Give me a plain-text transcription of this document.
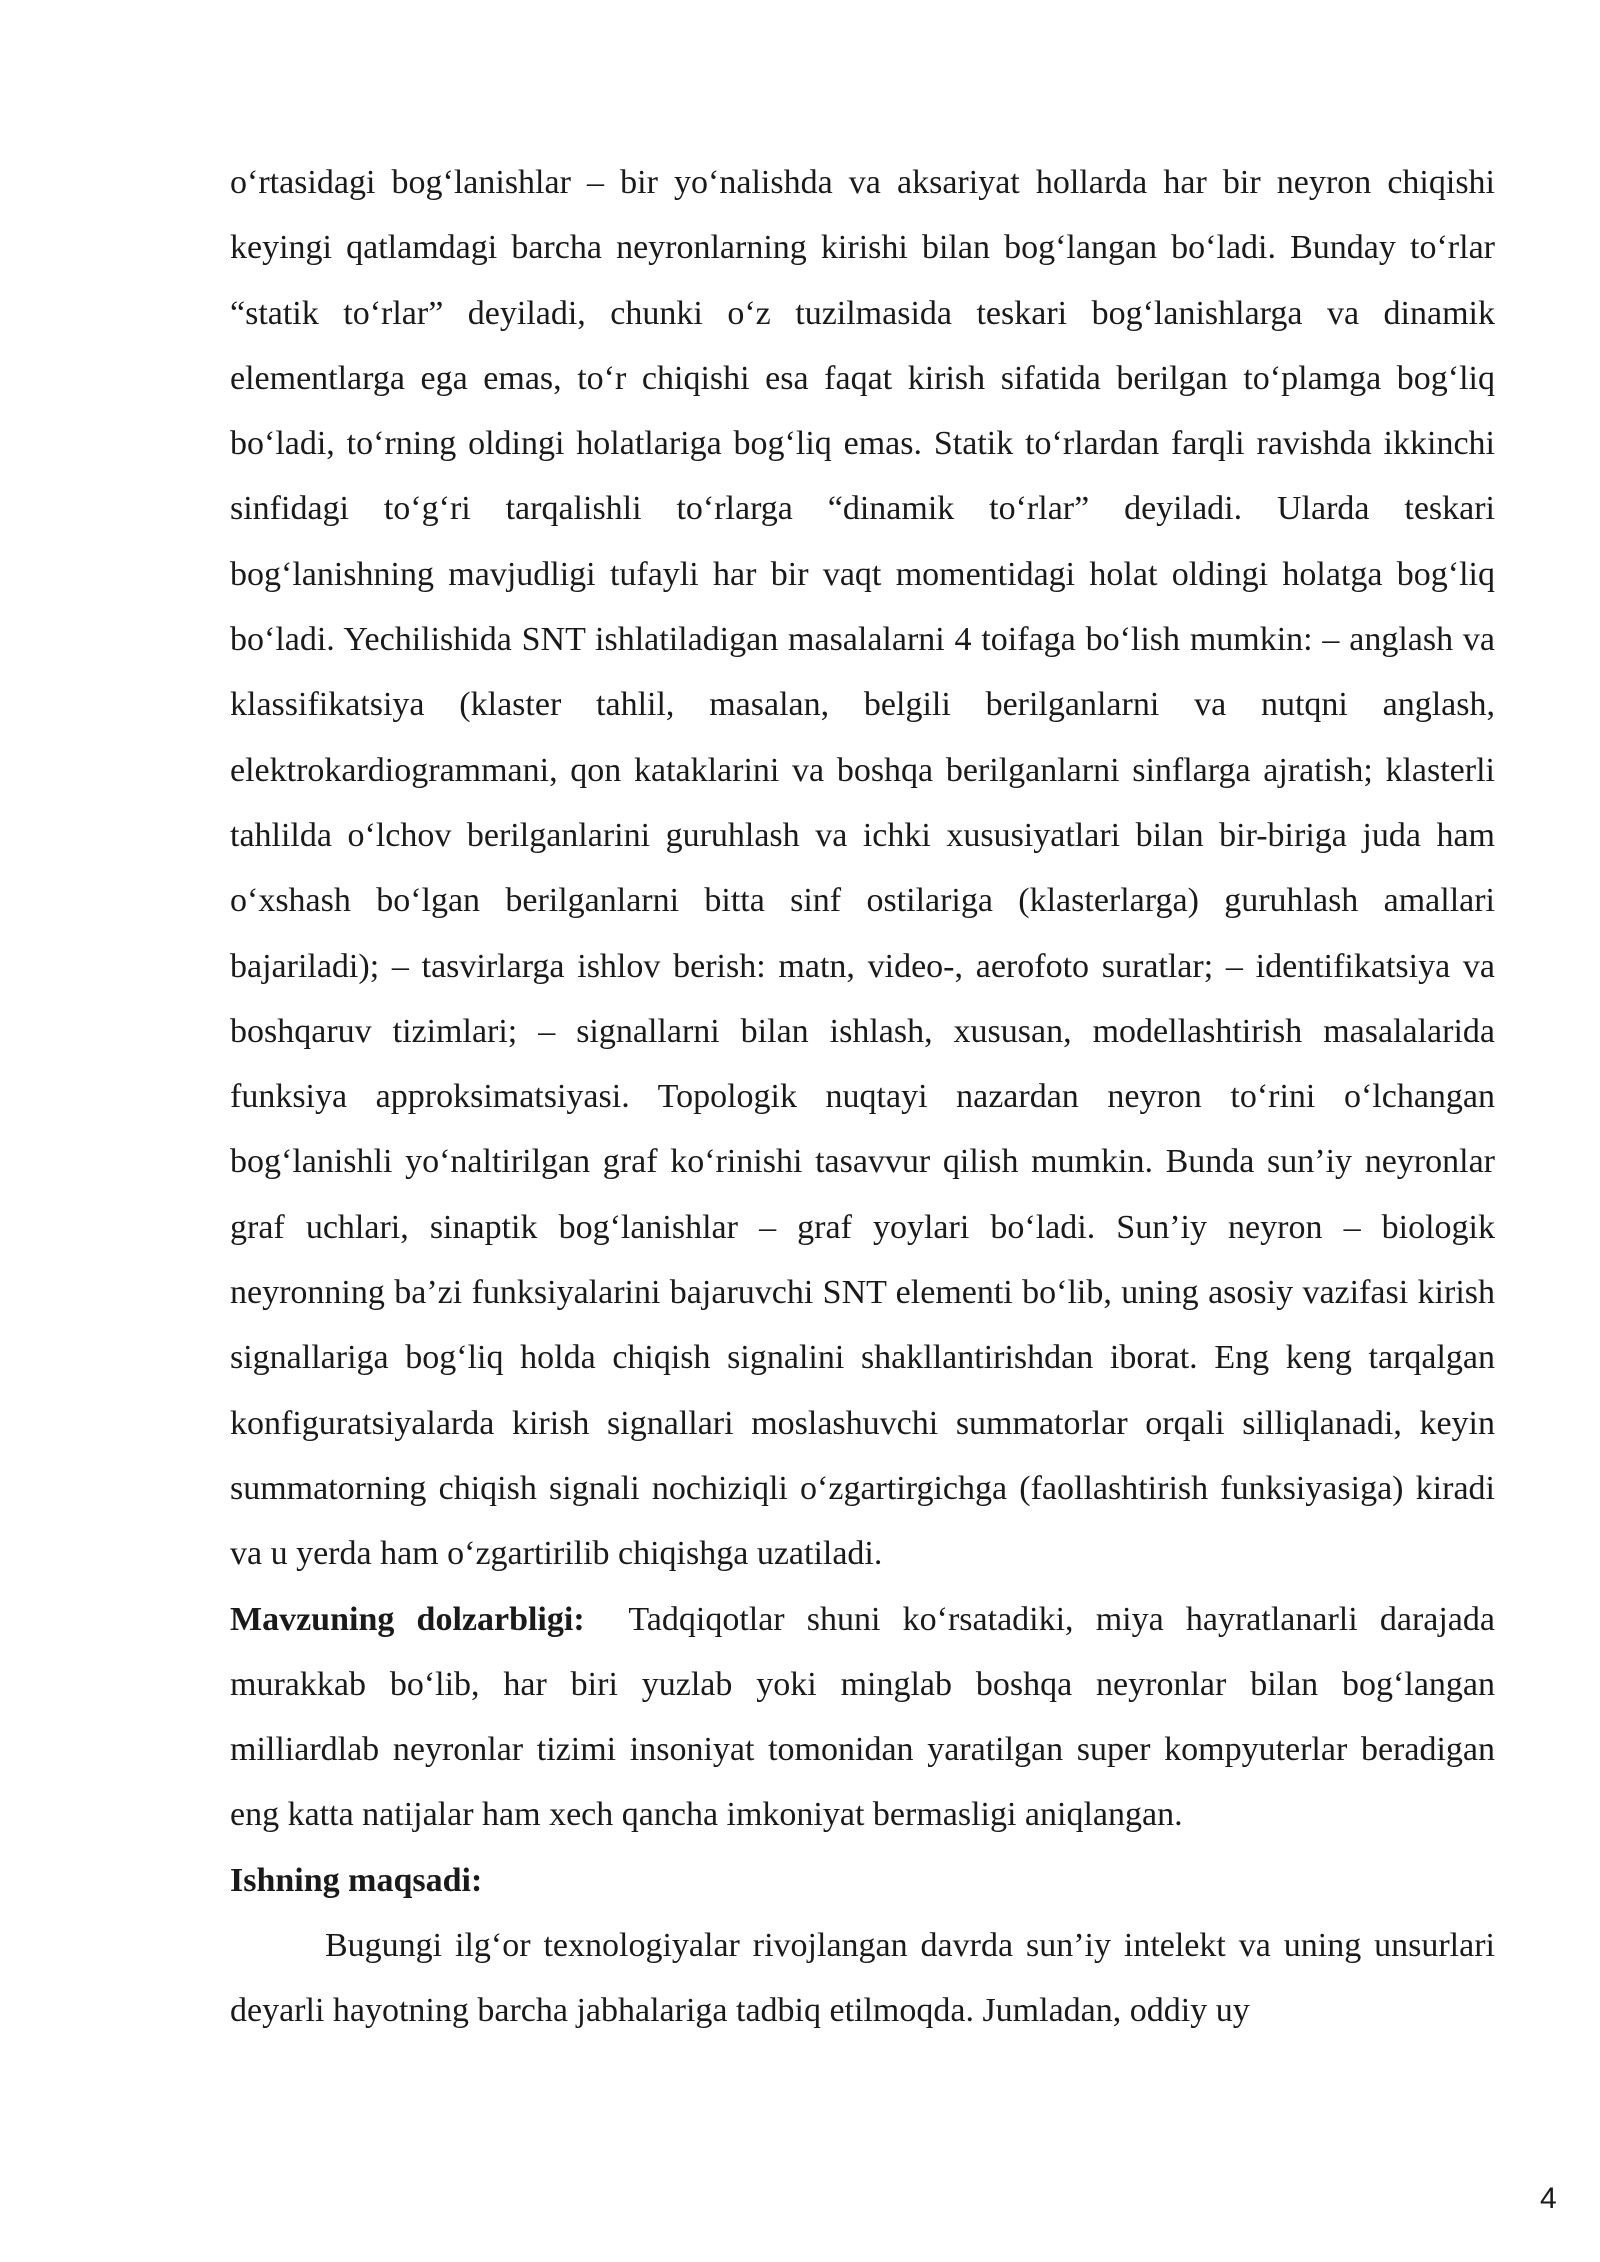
o‘rtasidagi bog‘lanishlar – bir yo‘nalishda va aksariyat hollarda har bir neyron chiqishi keyingi qatlamdagi barcha neyronlarning kirishi bilan bog‘langan bo‘ladi. Bunday to‘rlar “statik to‘rlar” deyiladi, chunki o‘z tuzilmasida teskari bog‘lanishlarga va dinamik elementlarga ega emas, to‘r chiqishi esa faqat kirish sifatida berilgan to‘plamga bog‘liq bo‘ladi, to‘rning oldingi holatlariga bog‘liq emas. Statik to‘rlardan farqli ravishda ikkinchi sinfidagi to‘g‘ri tarqalishli to‘rlarga “dinamik to‘rlar” deyiladi. Ularda teskari bog‘lanishning mavjudligi tufayli har bir vaqt momentidagi holat oldingi holatga bog‘liq bo‘ladi. Yechilishida SNT ishlatiladigan masalalarni 4 toifaga bo‘lish mumkin: – anglash va klassifikatsiya (klaster tahlil, masalan, belgili berilganlarni va nutqni anglash, elektrokardiogrammani, qon kataklarini va boshqa berilganlarni sinflarga ajratish; klasterli tahlilda o‘lchov berilganlarini guruhlash va ichki xususiyatlari bilan bir-biriga juda ham o‘xshash bo‘lgan berilganlarni bitta sinf ostilariga (klasterlarga) guruhlash amallari bajariladi); – tasvirlarga ishlov berish: matn, video-, aerofoto suratlar; – identifikatsiya va boshqaruv tizimlari; – signallarni bilan ishlash, xususan, modellashtirish masalalarida funksiya approksimatsiyasi. Topologik nuqtayi nazardan neyron to‘rini o‘lchangan bog‘lanishli yo‘naltirilgan graf ko‘rinishi tasavvur qilish mumkin. Bunda sun’iy neyronlar graf uchlari, sinaptik bog‘lanishlar – graf yoylari bo‘ladi. Sun’iy neyron – biologik neyronning ba’zi funksiyalarini bajaruvchi SNT elementi bo‘lib, uning asosiy vazifasi kirish signallariga bog‘liq holda chiqish signalini shakllantirishdan iborat. Eng keng tarqalgan konfiguratsiyalarda kirish signallari moslashuvchi summatorlar orqali silliqlanadi, keyin summatorning chiqish signali nochiziqli o‘zgartirgichga (faollashtirish funksiyasiga) kiradi va u yerda ham o‘zgartirilib chiqishga uzatiladi.

Mavzuning dolzarbligi: Tadqiqotlar shuni ko‘rsatadiki, miya hayratlanarli darajada murakkab bo‘lib, har biri yuzlab yoki minglab boshqa neyronlar bilan bog‘langan milliardlab neyronlar tizimi insoniyat tomonidan yaratilgan super kompyuterlar beradigan eng katta natijalar ham xech qancha imkoniyat bermasligi aniqlangan.

Ishning maqsadi:

Bugungi ilg‘or texnologiyalar rivojlangan davrda sun’iy intelekt va uning unsurlari deyarli hayotning barcha jabhalariga tadbiq etilmoqda. Jumladan, oddiy uy

4
